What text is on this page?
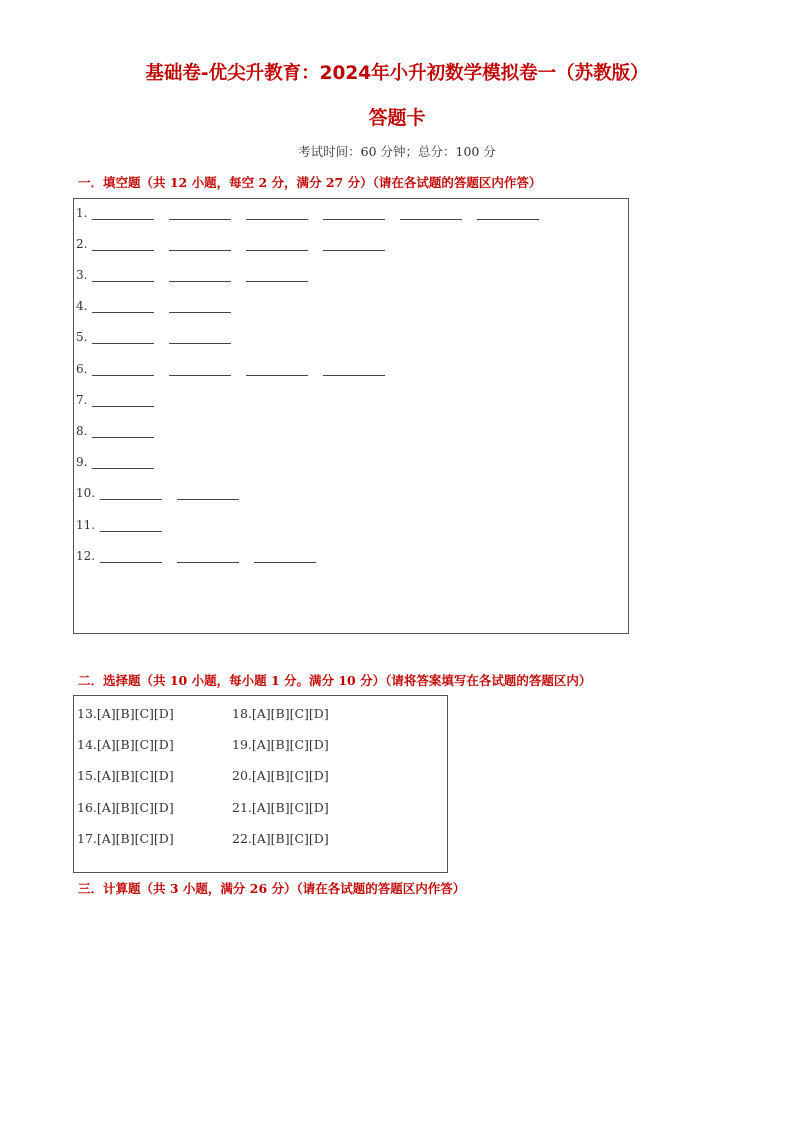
基础卷-优尖升教育：2024年小升初数学模拟卷一（苏教版）
答题卡
考试时间：60 分钟；总分：100 分
一．填空题（共 12 小题，每空 2 分，满分 27 分）（请在各试题的答题区内作答）
1.
2.
3.
4.
5.
6.
7.
8.
9.
10.
11.
12.
二．选择题（共 10 小题，每小题 1 分。满分 10 分）（请将答案填写在各试题的答题区内）
13.[A][B][C][D]
14.[A][B][C][D]
15.[A][B][C][D]
16.[A][B][C][D]
17.[A][B][C][D]
18.[A][B][C][D]
19.[A][B][C][D]
20.[A][B][C][D]
21.[A][B][C][D]
22.[A][B][C][D]
三．计算题（共 3 小题，满分 26 分）（请在各试题的答题区内作答）
